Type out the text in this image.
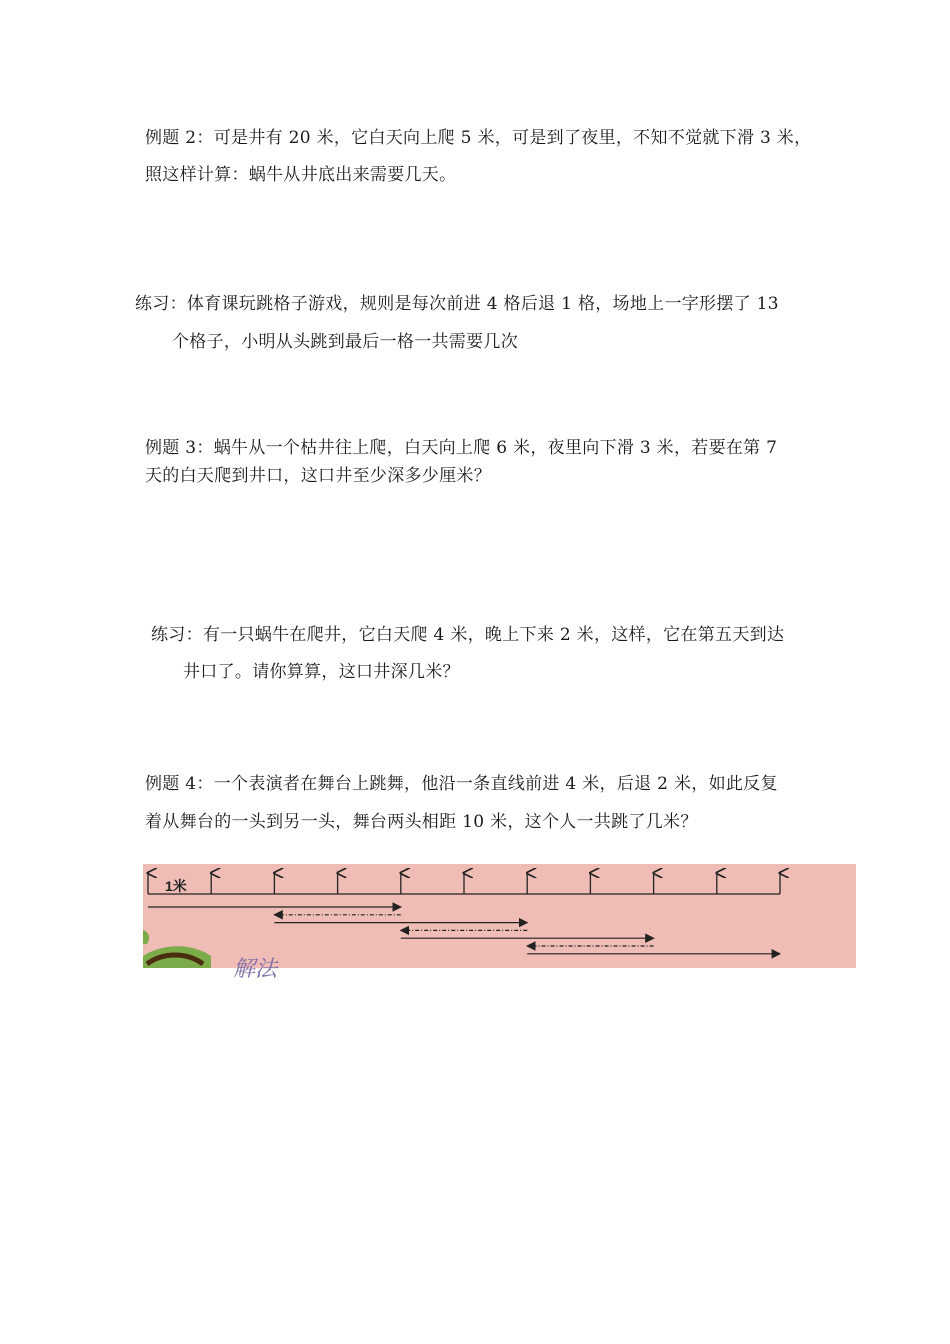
例题 2：可是井有 20 米，它白天向上爬 5 米，可是到了夜里，不知不觉就下滑 3 米，
照这样计算：蜗牛从井底出来需要几天。
练习：体育课玩跳格子游戏，规则是每次前进 4 格后退 1 格，场地上一字形摆了 13
个格子，小明从头跳到最后一格一共需要几次
例题 3：蜗牛从一个枯井往上爬，白天向上爬 6 米，夜里向下滑 3 米，若要在第 7
天的白天爬到井口，这口井至少深多少厘米？
练习：有一只蜗牛在爬井，它白天爬 4 米，晚上下来 2 米，这样，它在第五天到达
井口了。请你算算，这口井深几米？
例题 4：一个表演者在舞台上跳舞，他沿一条直线前进 4 米，后退 2 米，如此反复
着从舞台的一头到另一头，舞台两头相距 10 米，这个人一共跳了几米？
1米
解法
